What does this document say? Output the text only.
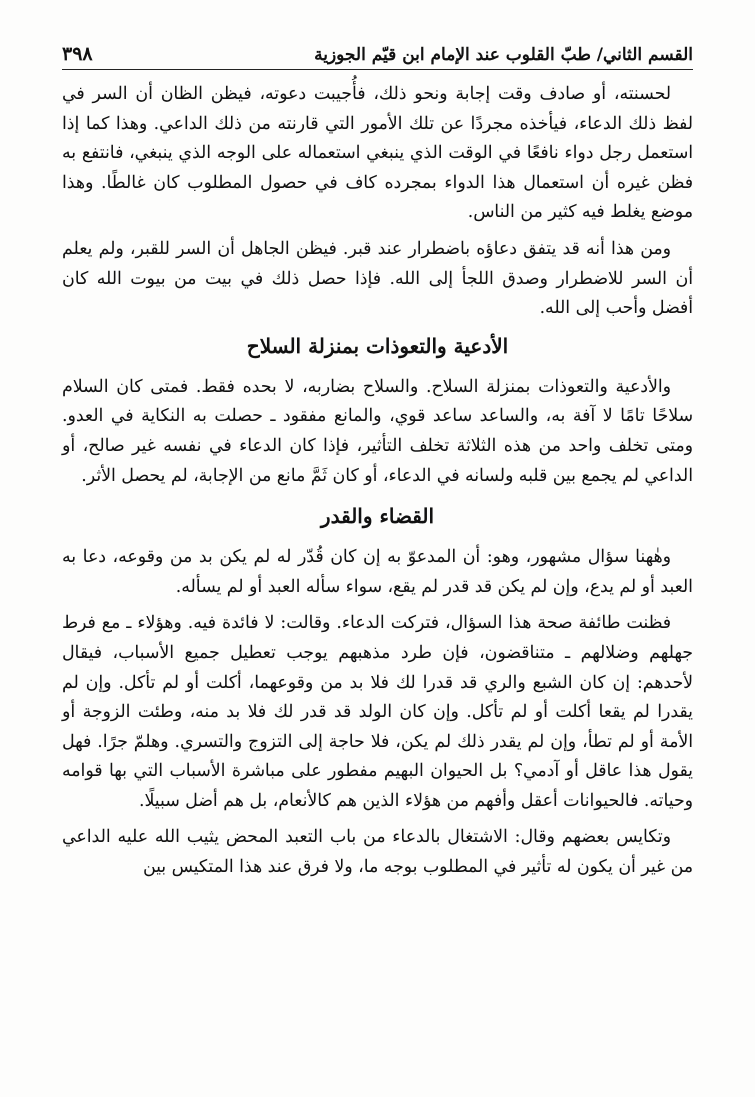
القسم الثاني/ طبّ القلوب عند الإمام ابن قيّم الجوزية
٣٩٨

لحسنته، أو صادف وقت إجابة ونحو ذلك، فأُجيبت دعوته، فيظن الظان أن السر في لفظ ذلك الدعاء، فيأخذه مجردًا عن تلك الأمور التي قارنته من ذلك الداعي. وهذا كما إذا استعمل رجل دواء نافعًا في الوقت الذي ينبغي استعماله على الوجه الذي ينبغي، فانتفع به فظن غيره أن استعمال هذا الدواء بمجرده كاف في حصول المطلوب كان غالطًا. وهذا موضع يغلط فيه كثير من الناس.

ومن هذا أنه قد يتفق دعاؤه باضطرار عند قبر. فيظن الجاهل أن السر للقبر، ولم يعلم أن السر للاضطرار وصدق اللجأ إلى الله. فإذا حصل ذلك في بيت من بيوت الله كان أفضل وأحب إلى الله.

الأدعية والتعوذات بمنزلة السلاح

والأدعية والتعوذات بمنزلة السلاح. والسلاح بضاربه، لا بحده فقط. فمتى كان السلام سلاحًا تامًا لا آفة به، والساعد ساعد قوي، والمانع مفقود ـ حصلت به النكاية في العدو. ومتى تخلف واحد من هذه الثلاثة تخلف التأثير، فإذا كان الدعاء في نفسه غير صالح، أو الداعي لم يجمع بين قلبه ولسانه في الدعاء، أو كان ثَمَّ مانع من الإجابة، لم يحصل الأثر.

القضاء والقدر

وهٰهنا سؤال مشهور، وهو: أن المدعوّ به إن كان قُدّر له لم يكن بد من وقوعه، دعا به العبد أو لم يدع، وإن لم يكن قد قدر لم يقع، سواء سأله العبد أو لم يسأله.

فظنت طائفة صحة هذا السؤال، فتركت الدعاء. وقالت: لا فائدة فيه. وهؤلاء ـ مع فرط جهلهم وضلالهم ـ متناقضون، فإن طرد مذهبهم يوجب تعطيل جميع الأسباب، فيقال لأحدهم: إن كان الشبع والري قد قدرا لك فلا بد من وقوعهما، أكلت أو لم تأكل. وإن لم يقدرا لم يقعا أكلت أو لم تأكل. وإن كان الولد قد قدر لك فلا بد منه، وطئت الزوجة أو الأمة أو لم تطأ، وإن لم يقدر ذلك لم يكن، فلا حاجة إلى التزوج والتسري. وهلمّ جرًا. فهل يقول هذا عاقل أو آدمي؟ بل الحيوان البهيم مفطور على مباشرة الأسباب التي بها قوامه وحياته. فالحيوانات أعقل وأفهم من هؤلاء الذين هم كالأنعام، بل هم أضل سبيلًا.

وتكايس بعضهم وقال: الاشتغال بالدعاء من باب التعبد المحض يثيب الله عليه الداعي من غير أن يكون له تأثير في المطلوب بوجه ما، ولا فرق عند هذا المتكيس بين
